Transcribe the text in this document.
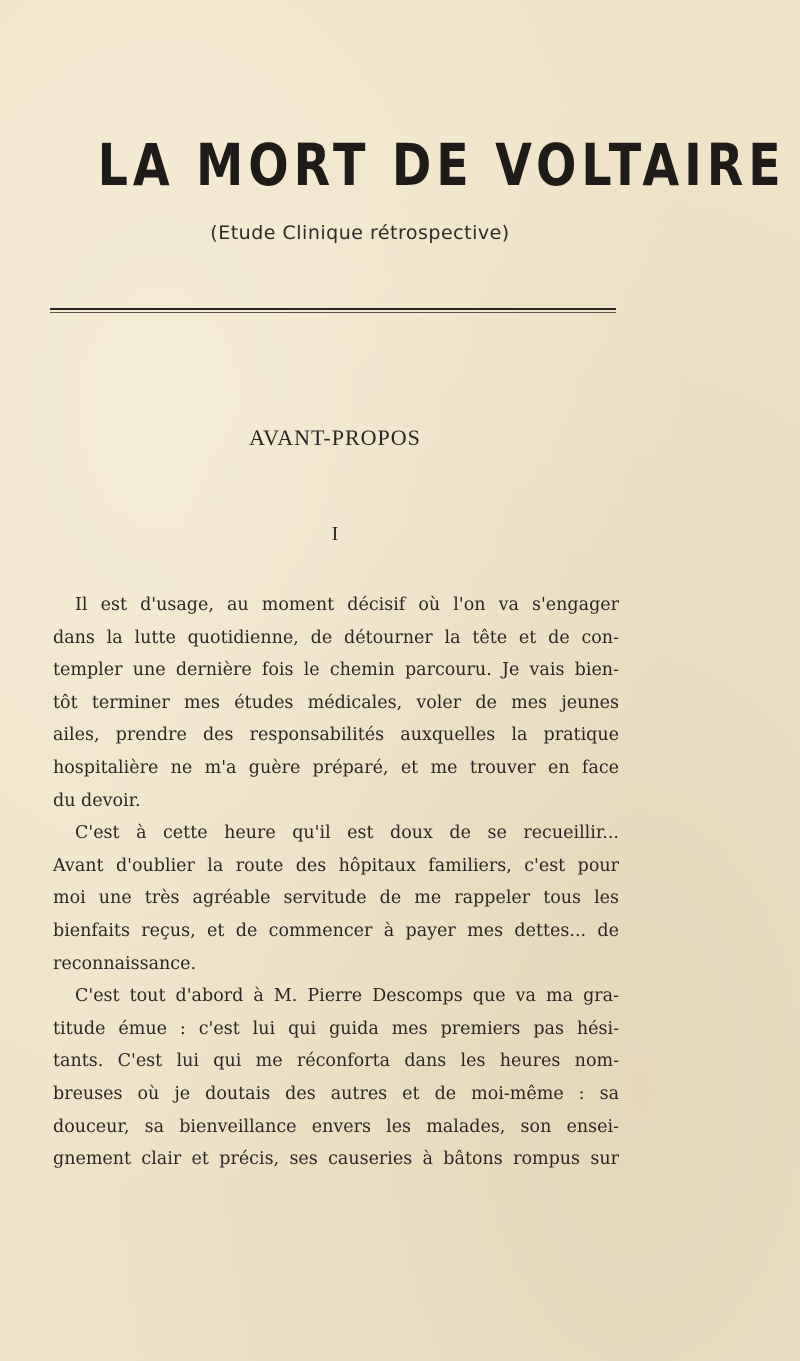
LA MORT DE VOLTAIRE
(Etude Clinique rétrospective)
AVANT-PROPOS
I
Il est d'usage, au moment décisif où l'on va s'engager
dans la lutte quotidienne, de détourner la tête et de con-
templer une dernière fois le chemin parcouru. Je vais bien-
tôt terminer mes études médicales, voler de mes jeunes
ailes, prendre des responsabilités auxquelles la pratique
hospitalière ne m'a guère préparé, et me trouver en face
du devoir.
C'est à cette heure qu'il est doux de se recueillir...
Avant d'oublier la route des hôpitaux familiers, c'est pour
moi une très agréable servitude de me rappeler tous les
bienfaits reçus, et de commencer à payer mes dettes... de
reconnaissance.
C'est tout d'abord à M. Pierre Descomps que va ma gra-
titude émue : c'est lui qui guida mes premiers pas hési-
tants. C'est lui qui me réconforta dans les heures nom-
breuses où je doutais des autres et de moi-même : sa
douceur, sa bienveillance envers les malades, son ensei-
gnement clair et précis, ses causeries à bâtons rompus sur
